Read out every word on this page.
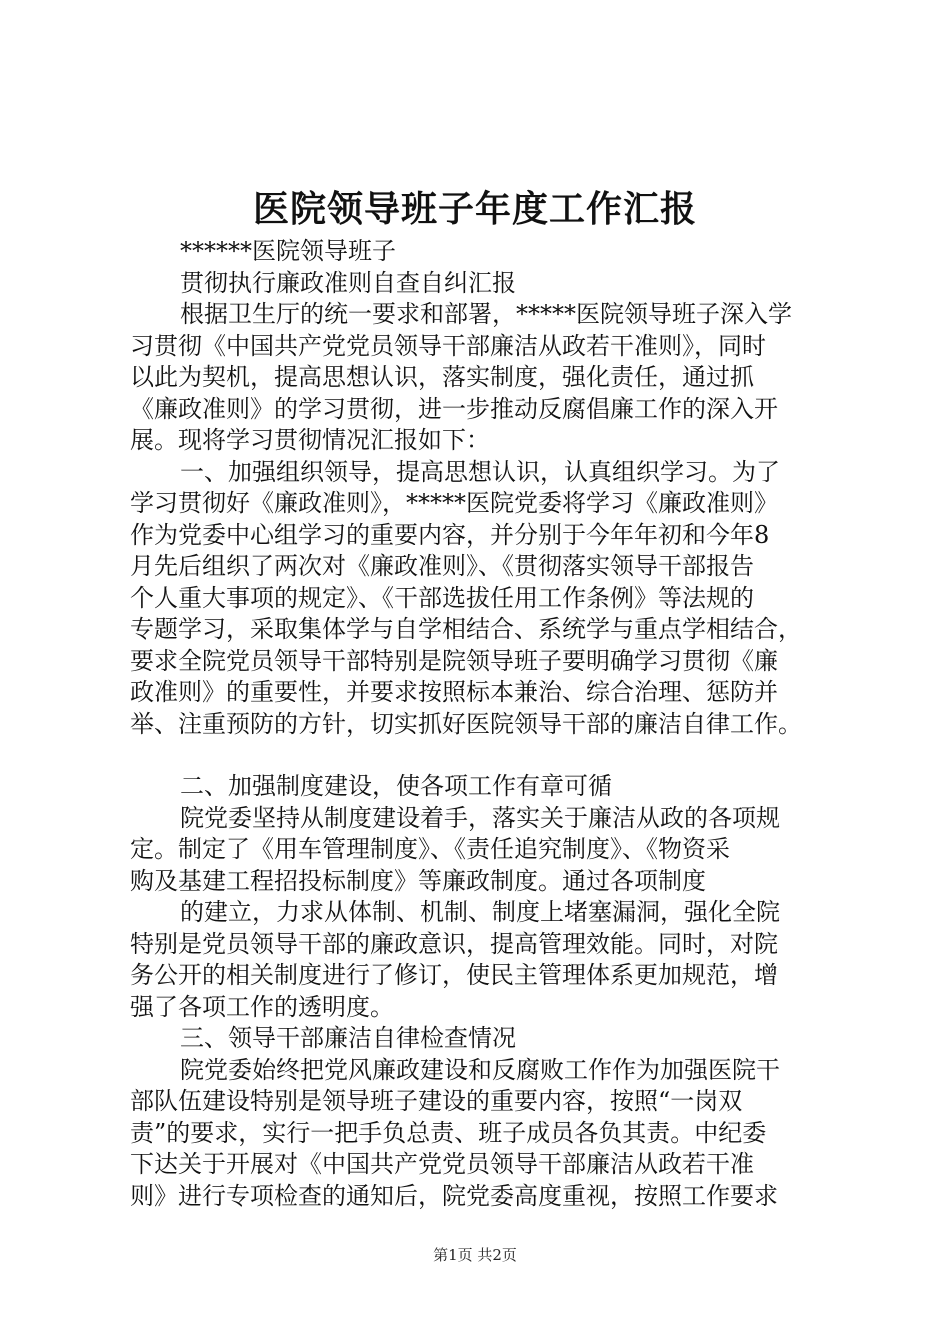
医院领导班子年度工作汇报
******医院领导班子
贯彻执行廉政准则自查自纠汇报
根据卫生厅的统一要求和部署，*****医院领导班子深入学
习贯彻《中国共产党党员领导干部廉洁从政若干准则》，同时
以此为契机，提高思想认识，落实制度，强化责任，通过抓
《廉政准则》的学习贯彻，进一步推动反腐倡廉工作的深入开
展。现将学习贯彻情况汇报如下：
一、加强组织领导，提高思想认识，认真组织学习。为了
学习贯彻好《廉政准则》，*****医院党委将学习《廉政准则》
作为党委中心组学习的重要内容，并分别于今年年初和今年8
月先后组织了两次对《廉政准则》、《贯彻落实领导干部报告
个人重大事项的规定》、《干部选拔任用工作条例》等法规的
专题学习，采取集体学与自学相结合、系统学与重点学相结合，
要求全院党员领导干部特别是院领导班子要明确学习贯彻《廉
政准则》的重要性，并要求按照标本兼治、综合治理、惩防并
举、注重预防的方针，切实抓好医院领导干部的廉洁自律工作。
二、加强制度建设，使各项工作有章可循
院党委坚持从制度建设着手，落实关于廉洁从政的各项规
定。制定了《用车管理制度》、《责任追究制度》、《物资采
购及基建工程招投标制度》等廉政制度。通过各项制度
的建立，力求从体制、机制、制度上堵塞漏洞，强化全院
特别是党员领导干部的廉政意识，提高管理效能。同时，对院
务公开的相关制度进行了修订，使民主管理体系更加规范，增
强了各项工作的透明度。
三、领导干部廉洁自律检查情况
院党委始终把党风廉政建设和反腐败工作作为加强医院干
部队伍建设特别是领导班子建设的重要内容，按照“一岗双
责”的要求，实行一把手负总责、班子成员各负其责。中纪委
下达关于开展对《中国共产党党员领导干部廉洁从政若干准
则》进行专项检查的通知后，院党委高度重视，按照工作要求
第1页 共2页
